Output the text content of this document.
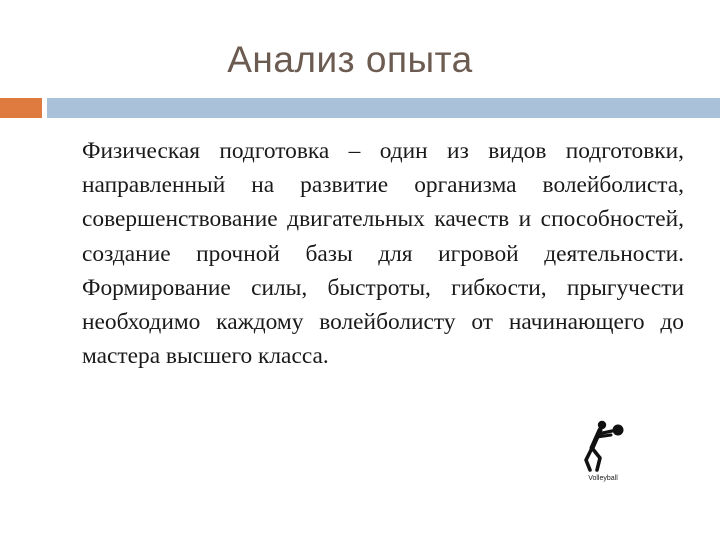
Анализ опыта
Физическая подготовка – один из видов подготовки, направленный на развитие организма волейболиста, совершенствование двигательных качеств и способностей, создание прочной базы для игровой деятельности. Формирование силы, быстроты, гибкости, прыгучести необходимо каждому волейболисту от начинающего до мастера высшего класса.
Volleyball
